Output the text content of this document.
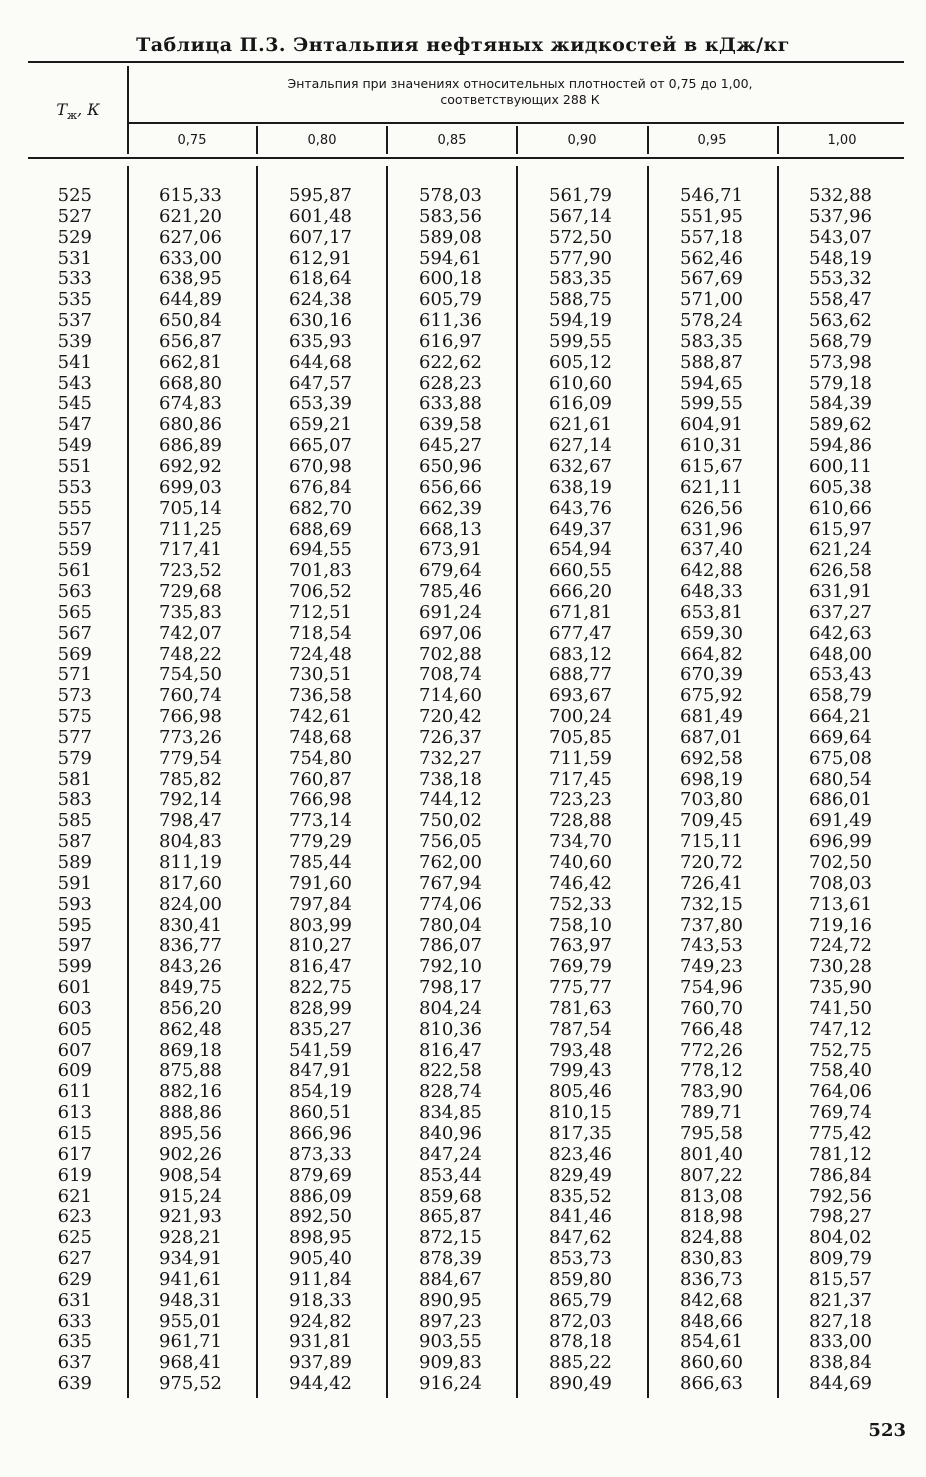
Таблица П.3. Энтальпия нефтяных жидкостей в кДж/кг
$T_ж$, К
Энтальпия при значениях относительных плотностей от 0,75 до 1,00,
соответствующих 288 К
0,75	0,80	0,85	0,90	0,95	1,00
525	615,33	595,87	578,03	561,79	546,71	532,88
527	621,20	601,48	583,56	567,14	551,95	537,96
529	627,06	607,17	589,08	572,50	557,18	543,07
531	633,00	612,91	594,61	577,90	562,46	548,19
533	638,95	618,64	600,18	583,35	567,69	553,32
535	644,89	624,38	605,79	588,75	571,00	558,47
537	650,84	630,16	611,36	594,19	578,24	563,62
539	656,87	635,93	616,97	599,55	583,35	568,79
541	662,81	644,68	622,62	605,12	588,87	573,98
543	668,80	647,57	628,23	610,60	594,65	579,18
545	674,83	653,39	633,88	616,09	599,55	584,39
547	680,86	659,21	639,58	621,61	604,91	589,62
549	686,89	665,07	645,27	627,14	610,31	594,86
551	692,92	670,98	650,96	632,67	615,67	600,11
553	699,03	676,84	656,66	638,19	621,11	605,38
555	705,14	682,70	662,39	643,76	626,56	610,66
557	711,25	688,69	668,13	649,37	631,96	615,97
559	717,41	694,55	673,91	654,94	637,40	621,24
561	723,52	701,83	679,64	660,55	642,88	626,58
563	729,68	706,52	785,46	666,20	648,33	631,91
565	735,83	712,51	691,24	671,81	653,81	637,27
567	742,07	718,54	697,06	677,47	659,30	642,63
569	748,22	724,48	702,88	683,12	664,82	648,00
571	754,50	730,51	708,74	688,77	670,39	653,43
573	760,74	736,58	714,60	693,67	675,92	658,79
575	766,98	742,61	720,42	700,24	681,49	664,21
577	773,26	748,68	726,37	705,85	687,01	669,64
579	779,54	754,80	732,27	711,59	692,58	675,08
581	785,82	760,87	738,18	717,45	698,19	680,54
583	792,14	766,98	744,12	723,23	703,80	686,01
585	798,47	773,14	750,02	728,88	709,45	691,49
587	804,83	779,29	756,05	734,70	715,11	696,99
589	811,19	785,44	762,00	740,60	720,72	702,50
591	817,60	791,60	767,94	746,42	726,41	708,03
593	824,00	797,84	774,06	752,33	732,15	713,61
595	830,41	803,99	780,04	758,10	737,80	719,16
597	836,77	810,27	786,07	763,97	743,53	724,72
599	843,26	816,47	792,10	769,79	749,23	730,28
601	849,75	822,75	798,17	775,77	754,96	735,90
603	856,20	828,99	804,24	781,63	760,70	741,50
605	862,48	835,27	810,36	787,54	766,48	747,12
607	869,18	541,59	816,47	793,48	772,26	752,75
609	875,88	847,91	822,58	799,43	778,12	758,40
611	882,16	854,19	828,74	805,46	783,90	764,06
613	888,86	860,51	834,85	810,15	789,71	769,74
615	895,56	866,96	840,96	817,35	795,58	775,42
617	902,26	873,33	847,24	823,46	801,40	781,12
619	908,54	879,69	853,44	829,49	807,22	786,84
621	915,24	886,09	859,68	835,52	813,08	792,56
623	921,93	892,50	865,87	841,46	818,98	798,27
625	928,21	898,95	872,15	847,62	824,88	804,02
627	934,91	905,40	878,39	853,73	830,83	809,79
629	941,61	911,84	884,67	859,80	836,73	815,57
631	948,31	918,33	890,95	865,79	842,68	821,37
633	955,01	924,82	897,23	872,03	848,66	827,18
635	961,71	931,81	903,55	878,18	854,61	833,00
637	968,41	937,89	909,83	885,22	860,60	838,84
639	975,52	944,42	916,24	890,49	866,63	844,69
523
